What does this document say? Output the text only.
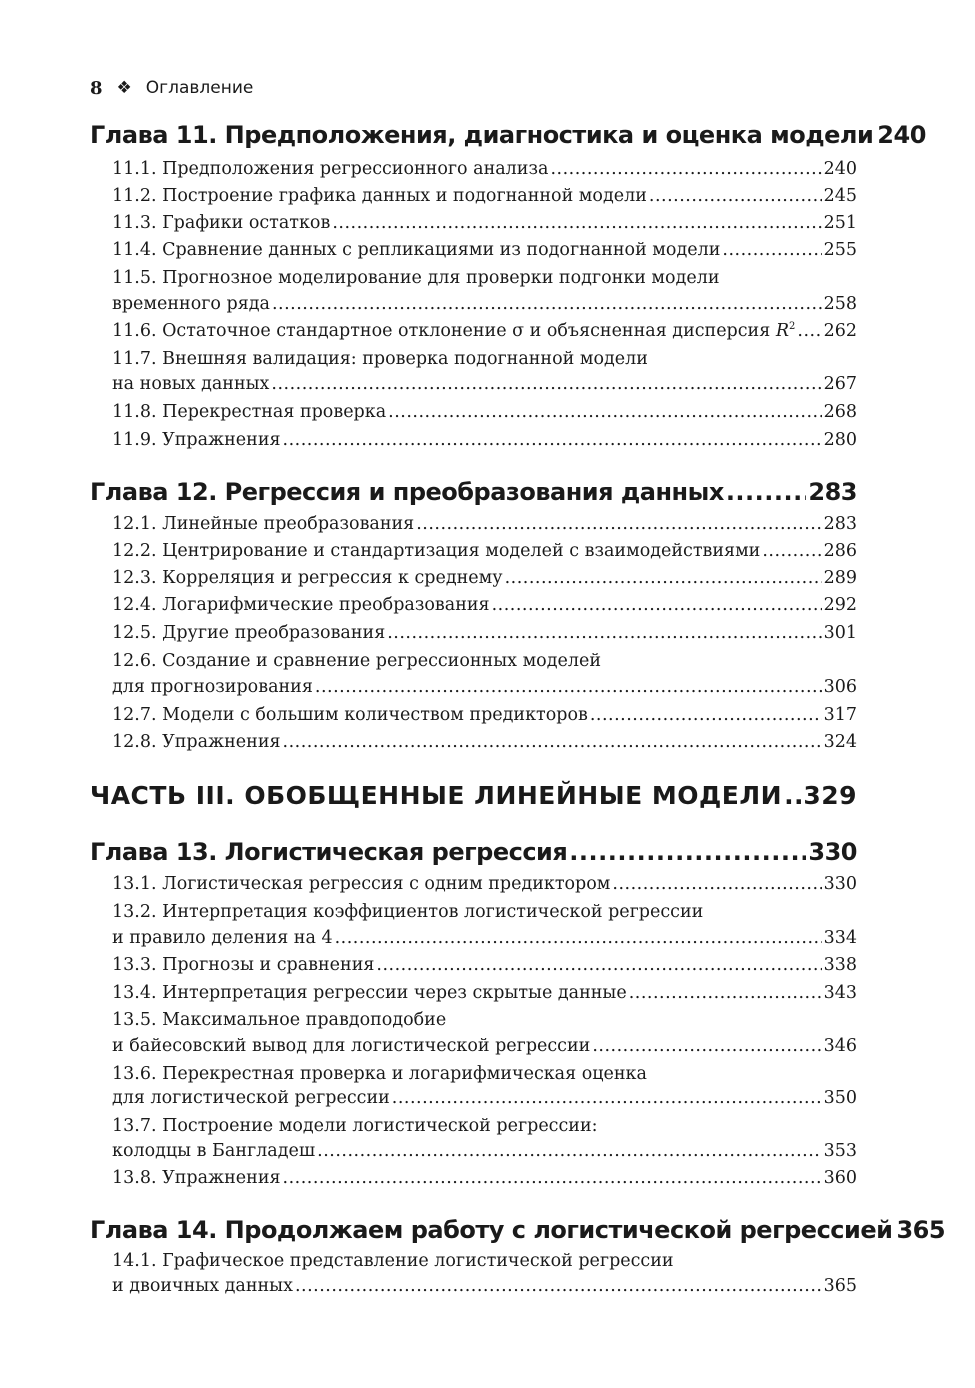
8 ❖ Оглавление
Глава 11. Предположения, диагностика и оценка модели 240
11.1. Предположения регрессионного анализа .....	240
11.2. Построение графика данных и подогнанной модели .....	245
11.3. Графики остатков .....	251
11.4. Сравнение данных с репликациями из подогнанной модели .....	255
11.5. Прогнозное моделирование для проверки подгонки модели
временного ряда .....	258
11.6. Остаточное стандартное отклонение σ и объясненная дисперсия $R^2$ ..... 262
11.7. Внешняя валидация: проверка подогнанной модели
на новых данных .....	267
11.8. Перекрестная проверка .....	268
11.9. Упражнения .....	280
Глава 12. Регрессия и преобразования данных .....	283
12.1. Линейные преобразования .....	283
12.2. Центрирование и стандартизация моделей с взаимодействиями .....	286
12.3. Корреляция и регрессия к среднему .....	289
12.4. Логарифмические преобразования .....	292
12.5. Другие преобразования .....	301
12.6. Создание и сравнение регрессионных моделей
для прогнозирования .....	306
12.7. Модели с большим количеством предикторов .....	317
12.8. Упражнения .....	324
ЧАСТЬ III. ОБОБЩЕННЫЕ ЛИНЕЙНЫЕ МОДЕЛИ ..... 329
Глава 13. Логистическая регрессия .....	330
13.1. Логистическая регрессия с одним предиктором .....	330
13.2. Интерпретация коэффициентов логистической регрессии
и правило деления на 4 .....	334
13.3. Прогнозы и сравнения .....	338
13.4. Интерпретация регрессии через скрытые данные .....	343
13.5. Максимальное правдоподобие
и байесовский вывод для логистической регрессии .....	346
13.6. Перекрестная проверка и логарифмическая оценка
для логистической регрессии .....	350
13.7. Построение модели логистической регрессии:
колодцы в Бангладеш .....	353
13.8. Упражнения .....	360
Глава 14. Продолжаем работу с логистической регрессией 365
14.1. Графическое представление логистической регрессии
и двоичных данных .....	365
